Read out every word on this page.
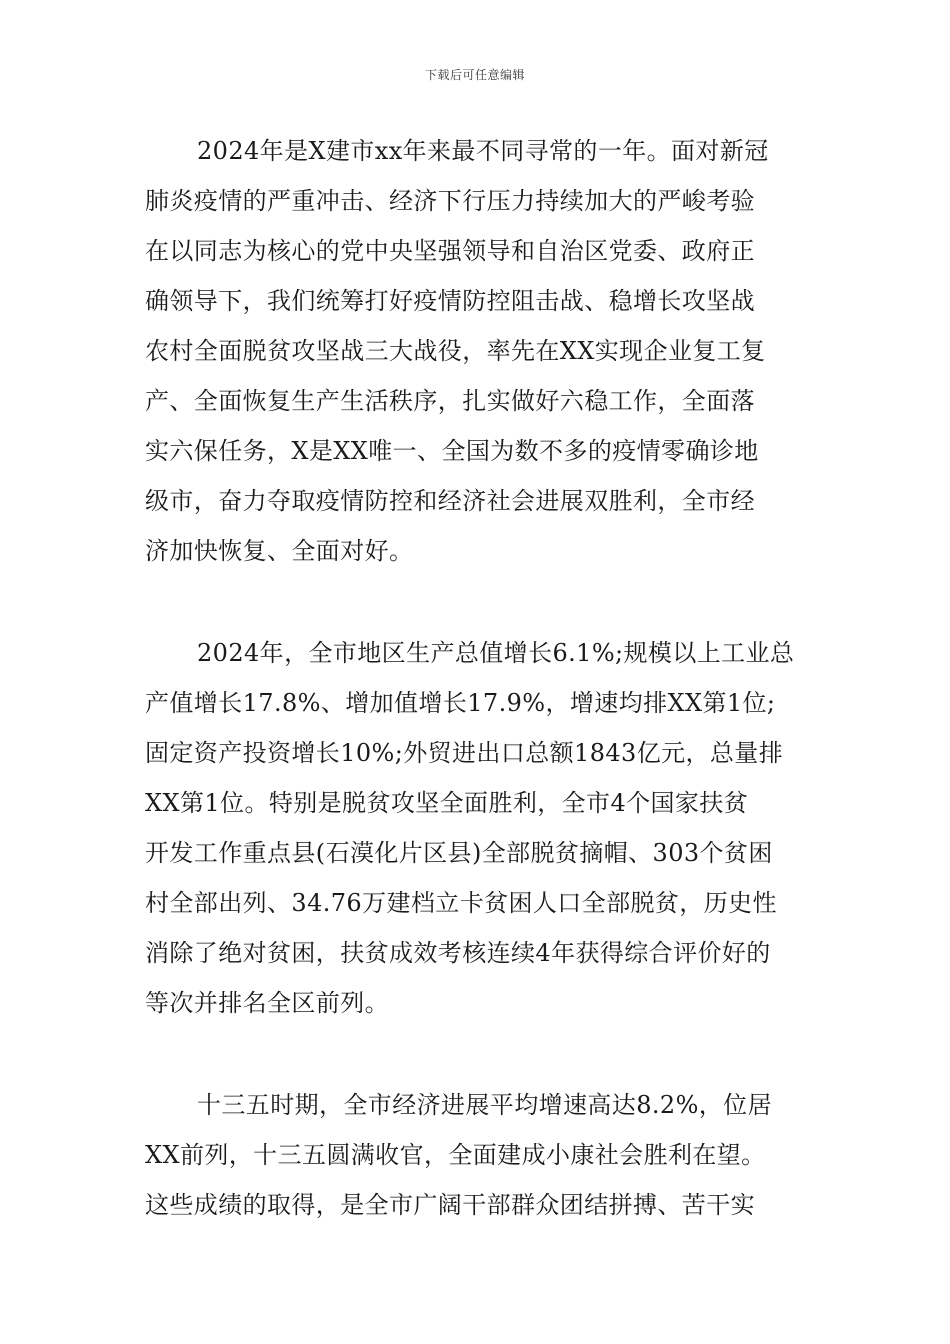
下载后可任意编辑
2024年是X建市xx年来最不同寻常的一年。面对新冠
肺炎疫情的严重冲击、经济下行压力持续加大的严峻考验
在以同志为核心的党中央坚强领导和自治区党委、政府正
确领导下，我们统筹打好疫情防控阻击战、稳增长攻坚战
农村全面脱贫攻坚战三大战役，率先在XX实现企业复工复
产、全面恢复生产生活秩序，扎实做好六稳工作，全面落
实六保任务，X是XX唯一、全国为数不多的疫情零确诊地
级市，奋力夺取疫情防控和经济社会进展双胜利，全市经
济加快恢复、全面对好。
2024年，全市地区生产总值增长6.1%;规模以上工业总
产值增长17.8%、增加值增长17.9%，增速均排XX第1位;
固定资产投资增长10%;外贸进出口总额1843亿元，总量排
XX第1位。特别是脱贫攻坚全面胜利，全市4个国家扶贫
开发工作重点县(石漠化片区县)全部脱贫摘帽、303个贫困
村全部出列、34.76万建档立卡贫困人口全部脱贫，历史性
消除了绝对贫困，扶贫成效考核连续4年获得综合评价好的
等次并排名全区前列。
十三五时期，全市经济进展平均增速高达8.2%，位居
XX前列，十三五圆满收官，全面建成小康社会胜利在望。
这些成绩的取得，是全市广阔干部群众团结拼搏、苦干实
